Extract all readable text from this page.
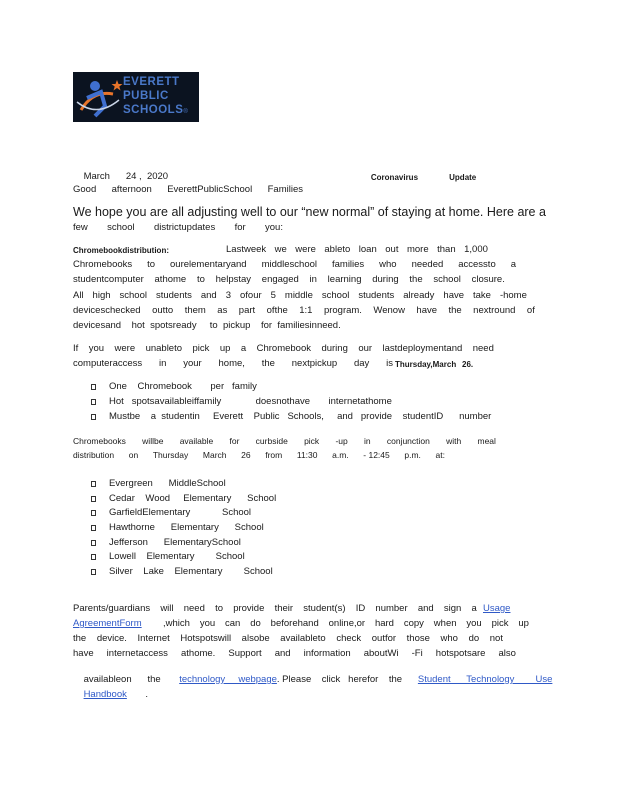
EVERETT
PUBLIC
SCHOOLS®

March 24 , 2020
	Coronavirus	Update

Good afternoon EverettPublicSchool Families
We hope you are all adjusting well to our “new normal” of staying at home. Here are a
few school districtupdates for you:
Chromebookdistribution:	Lastweek we were ableto loan out more than 1,000
Chromebooks to ourelementaryand middleschool families who needed accessto a
studentcomputer athome to helpstay engaged in learning during the school closure.
All high school students and 3 ofour 5 middle school students already have take -home
deviceschecked outto them as part ofthe 1:1 program. Wenow have the nextround of
devicesand    hot  spotsready     to  pickup    for  familiesinneed.
If you were unableto pick up a Chromebook during our lastdeploymentand need
computeraccess in your home, the nextpickup day is Thursday,March 26.
One    Chromebook       per   family
Hot   spotsavailableiffamily             doesnothave       internetathome
Mustbe    a  studentin     Everett    Public   Schools,     and   provide    studentID      number
Chromebooks willbe available for curbside pick -up in conjunction with meal
distribution on Thursday March 26 from 11:30 a.m. - 12:45 p.m. at:
Evergreen      MiddleSchool
Cedar    Wood     Elementary      School
GarfieldElementary            School
Hawthorne      Elementary      School
Jefferson      ElementarySchool
Lowell    Elementary        School
Silver    Lake    Elementary        School
Parents/guardians will need to provide their student(s) ID number and sign a Usage
AgreementForm ,which you can do beforehand online,or hard copy when you pick up
the device. Internet Hotspotswill alsobe availableto check outfor those who do not
have internetaccess athome. Support and information aboutWi -Fi hotspotsare also

availableon the technology     webpage. Please    click   herefor    the Student      Technology        Use

Handbook .
